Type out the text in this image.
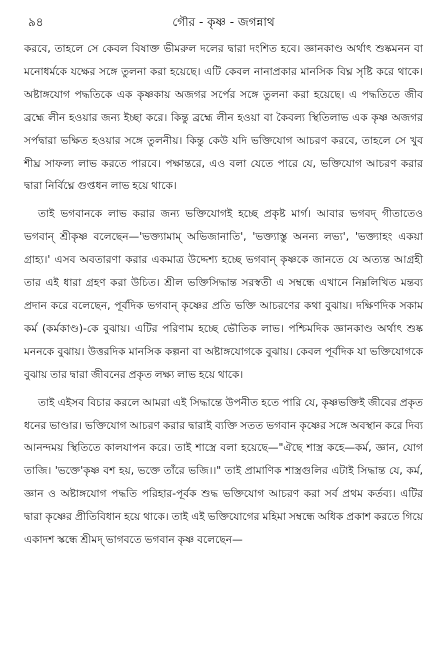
৯৪	গৌর - কৃষ্ণ - জগন্নাথ

করবে, তাহলে সে কেবল বিষাক্ত ভীমরুল দলের দ্বারা দংশিত হবে। জ্ঞানকাণ্ড অর্থাৎ শুষ্কমনন বা মনোধর্মকে যক্ষের সঙ্গে তুলনা করা হয়েছে। এটি কেবল নানাপ্রকার মানসিক বিঘ্ন সৃষ্টি করে থাকে। অষ্টাঙ্গযোগ পদ্ধতিকে এক কৃষ্ণকায় অজগর সর্পের সঙ্গে তুলনা করা হয়েছে। এ পদ্ধতিতে জীব ব্রহ্মে লীন হওয়ার জন্য ইচ্ছা করে। কিন্তু ব্রহ্মে লীন হওয়া বা কৈবল্য স্থিতিলাভ এক কৃষ্ণ অজগর সর্পদ্বারা ভক্ষিত হওয়ার সঙ্গে তুলনীয়। কিন্তু কেউ যদি ভক্তিযোগ আচরণ করবে, তাহলে সে খুব শীঘ্র সাফল্য লাভ করতে পারবে। পক্ষান্তরে, এও বলা যেতে পারে যে, ভক্তিযোগ আচরণ করার দ্বারা নির্বিঘ্নে গুপ্তধন লাভ হয়ে থাকে।

তাই ভগবানকে লাভ করার জন্য ভক্তিযোগই হচ্ছে প্রকৃষ্ট মার্গ। আবার ভগবদ্ গীতাতেও ভগবান্ শ্রীকৃষ্ণ বলেছেন—'ভক্ত্যামাম্ অভিজানাতি', 'ভক্ত্যাস্তু অনন্য লভ্য', 'ভক্ত্যাহং একয়া গ্রাহ্য।' এসব অবতারণা করার একমাত্র উদ্দেশ্য হচ্ছে ভগবান্ কৃষ্ণকে জানতে যে অত্যন্ত আগ্রহী তার এই ধারা গ্রহণ করা উচিত। শ্রীল ভক্তিসিদ্ধান্ত সরস্বতী এ সম্বন্ধে এখানে নিম্নলিখিত মন্তব্য প্রদান করে বলেছেন, পূর্বদিক ভগবান্ কৃষ্ণের প্রতি ভক্তি আচরণের কথা বুঝায়। দক্ষিণদিক সকাম কর্ম (কর্মকাণ্ড)-কে বুঝায়। এটির পরিণাম হচ্ছে ভৌতিক লাভ। পশ্চিমদিক জ্ঞানকাণ্ড অর্থাৎ শুষ্ক মননকে বুঝায়। উত্তরদিক মানসিক কল্পনা বা অষ্টাঙ্গযোগকে বুঝায়। কেবল পূর্বদিক যা ভক্তিযোগকে বুঝায় তার দ্বারা জীবনের প্রকৃত লক্ষ্য লাভ হয়ে থাকে।

তাই এইসব বিচার করলে আমরা এই সিদ্ধান্তে উপনীত হতে পারি যে, কৃষ্ণভক্তিই জীবের প্রকৃত ধনের ভাণ্ডার। ভক্তিযোগ আচরণ করার দ্বারাই ব্যক্তি সতত ভগবান কৃষ্ণের সঙ্গে অবস্থান করে দিব্য আনন্দময় স্থিতিতে কালযাপন করে। তাই শাস্ত্রে বলা হয়েছে—"ঐছে শাস্ত্র কহে—কর্ম, জ্ঞান, যোগ তাজি। 'ভক্তে'কৃষ্ণ বশ হয়, ভক্তে তাঁরে ভজি।।" তাই প্রামাণিক শাস্ত্রগুলির এটাই সিদ্ধান্ত যে, কর্ম, জ্ঞান ও অষ্টাঙ্গযোগ পদ্ধতি পরিহার-পূর্বক শুদ্ধ ভক্তিযোগ আচরণ করা সর্ব প্রথম কর্তব্য। এটির দ্বারা কৃষ্ণের প্রীতিবিধান হয়ে থাকে। তাই এই ভক্তিযোগের মহিমা সম্বন্ধে অধিক প্রকাশ করতে গিয়ে একাদশ স্কন্ধে শ্রীমদ্ ভাগবতে ভগবান কৃষ্ণ বলেছেন—
